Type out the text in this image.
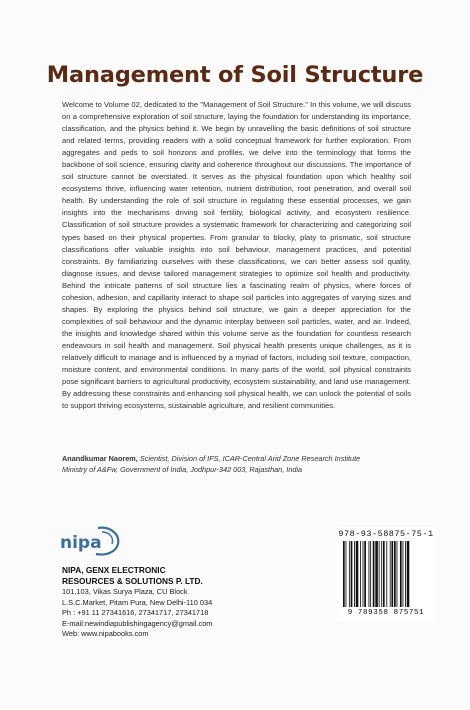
Management of Soil Structure
Welcome to Volume 02, dedicated to the "Management of Soil Structure." In this volume, we will discuss on a comprehensive exploration of soil structure, laying the foundation for understanding its importance, classification, and the physics behind it. We begin by unravelling the basic definitions of soil structure and related terms, providing readers with a solid conceptual framework for further exploration. From aggregates and peds to soil horizons and profiles, we delve into the terminology that forms the backbone of soil science, ensuring clarity and coherence throughout our discussions. The importance of soil structure cannot be overstated. It serves as the physical foundation upon which healthy soil ecosystems thrive, influencing water retention, nutrient distribution, root penetration, and overall soil health. By understanding the role of soil structure in regulating these essential processes, we gain insights into the mechanisms driving soil fertility, biological activity, and ecosystem resilience. Classification of soil structure provides a systematic framework for characterizing and categorizing soil types based on their physical properties. From granular to blocky, platy to prismatic, soil structure classifications offer valuable insights into soil behaviour, management practices, and potential constraints. By familiarizing ourselves with these classifications, we can better assess soil quality, diagnose issues, and devise tailored management strategies to optimize soil health and productivity. Behind the intricate patterns of soil structure lies a fascinating realm of physics, where forces of cohesion, adhesion, and capillarity interact to shape soil particles into aggregates of varying sizes and shapes. By exploring the physics behind soil structure, we gain a deeper appreciation for the complexities of soil behaviour and the dynamic interplay between soil particles, water, and air. Indeed, the insights and knowledge shared within this volume serve as the foundation for countless research endeavours in soil health and management. Soil physical health presents unique challenges, as it is relatively difficult to manage and is influenced by a myriad of factors, including soil texture, compaction, moisture content, and environmental conditions. In many parts of the world, soil physical constraints pose significant barriers to agricultural productivity, ecosystem sustainability, and land use management. By addressing these constraints and enhancing soil physical health, we can unlock the potential of soils to support thriving ecosystems, sustainable agriculture, and resilient communities.
Anandkumar Naorem, Scientist, Division of IFS, ICAR-Central Arid Zone Research Institute
Ministry of A&Fw, Government of India, Jodhpur-342 003, Rajasthan, India
nipa
NIPA, GENX ELECTRONIC
RESOURCES & SOLUTIONS P. LTD.
101,103, Vikas Surya Plaza, CU Block
L.S.C.Market, Pitam Pura, New Delhi-110 034
Ph : +91 11 27341616, 27341717, 27341718
E-mail:newindiapublishingagency@gmail.com
Web: www.nipabooks.com
978-93-58875-75-1
9 789358 875751
